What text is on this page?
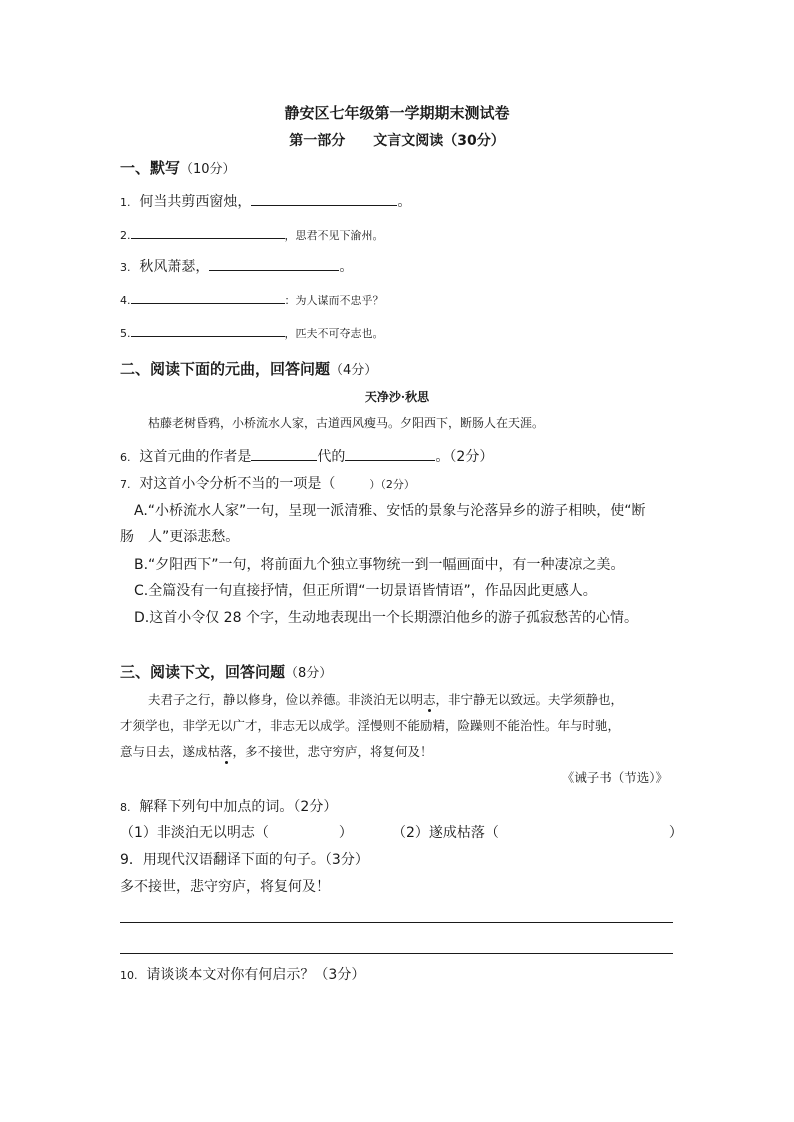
静安区七年级第一学期期末测试卷
第一部分 文言文阅读（30分）
一、默写（10分）
1. 何当共剪西窗烛，	。
2.	，思君不见下渝州。
3. 秋风萧瑟，	。
4.	：为人谋而不忠乎？
5.	，匹夫不可夺志也。
二、阅读下面的元曲，回答问题（4分）
天净沙·秋思
枯藤老树昏鸦，小桥流水人家，古道西风瘦马。夕阳西下，断肠人在天涯。
6. 这首元曲的作者是	代的	。（2分）
7. 对这首小令分析不当的一项是（	）（2分）
A.“小桥流水人家”一句，呈现一派清雅、安恬的景象与沦落异乡的游子相映，使“断
肠　人”更添悲愁。
B.“夕阳西下”一句，将前面九个独立事物统一到一幅画面中，有一种凄凉之美。
C.全篇没有一句直接抒情，但正所谓“一切景语皆情语”，作品因此更感人。
D.这首小令仅 28 个字，生动地表现出一个长期漂泊他乡的游子孤寂愁苦的心情。
三、阅读下文，回答问题（8分）
夫君子之行，静以修身，俭以养德。非淡泊无以明志，非宁静无以致远。夫学须静也，
才须学也，非学无以广才，非志无以成学。淫慢则不能励精，险躁则不能治性。年与时驰，
意与日去，遂成枯落，多不接世，悲守穷庐，将复何及！
《诫子书（节选）》
8. 解释下列句中加点的词。（2分）
（1）非淡泊无以明志（	）	（2）遂成枯落（	）
9．用现代汉语翻译下面的句子。（3分）
多不接世，悲守穷庐，将复何及！
10. 请谈谈本文对你有何启示？（3分）
